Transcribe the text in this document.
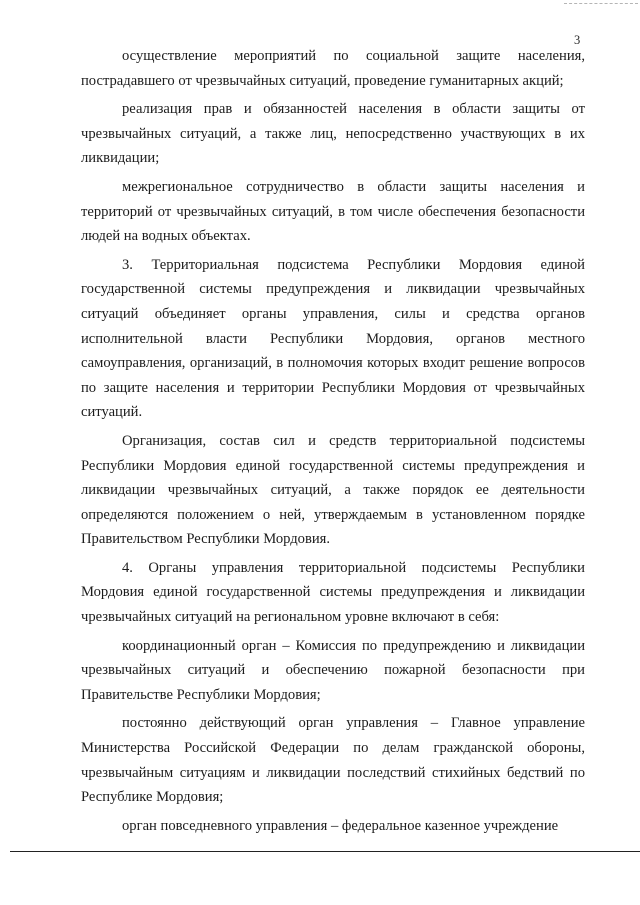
3

осуществление мероприятий по социальной защите населения, пострадавшего от чрезвычайных ситуаций, проведение гуманитарных акций;

реализация прав и обязанностей населения в области защиты от чрезвычайных ситуаций, а также лиц, непосредственно участвующих в их ликвидации;

межрегиональное сотрудничество в области защиты населения и территорий от чрезвычайных ситуаций, в том числе обеспечения безопасности людей на водных объектах.

3. Территориальная подсистема Республики Мордовия единой государственной системы предупреждения и ликвидации чрезвычайных ситуаций объединяет органы управления, силы и средства органов исполнительной власти Республики Мордовия, органов местного самоуправления, организаций, в полномочия которых входит решение вопросов по защите населения и территории Республики Мордовия от чрезвычайных ситуаций.

Организация, состав сил и средств территориальной подсистемы Республики Мордовия единой государственной системы предупреждения и ликвидации чрезвычайных ситуаций, а также порядок ее деятельности определяются положением о ней, утверждаемым в установленном порядке Правительством Республики Мордовия.

4. Органы управления территориальной подсистемы Республики Мордовия единой государственной системы предупреждения и ликвидации чрезвычайных ситуаций на региональном уровне включают в себя:

координационный орган – Комиссия по предупреждению и ликвидации чрезвычайных ситуаций и обеспечению пожарной безопасности при Правительстве Республики Мордовия;

постоянно действующий орган управления – Главное управление Министерства Российской Федерации по делам гражданской обороны, чрезвычайным ситуациям и ликвидации последствий стихийных бедствий по Республике Мордовия;

орган повседневного управления – федеральное казенное учреждение
